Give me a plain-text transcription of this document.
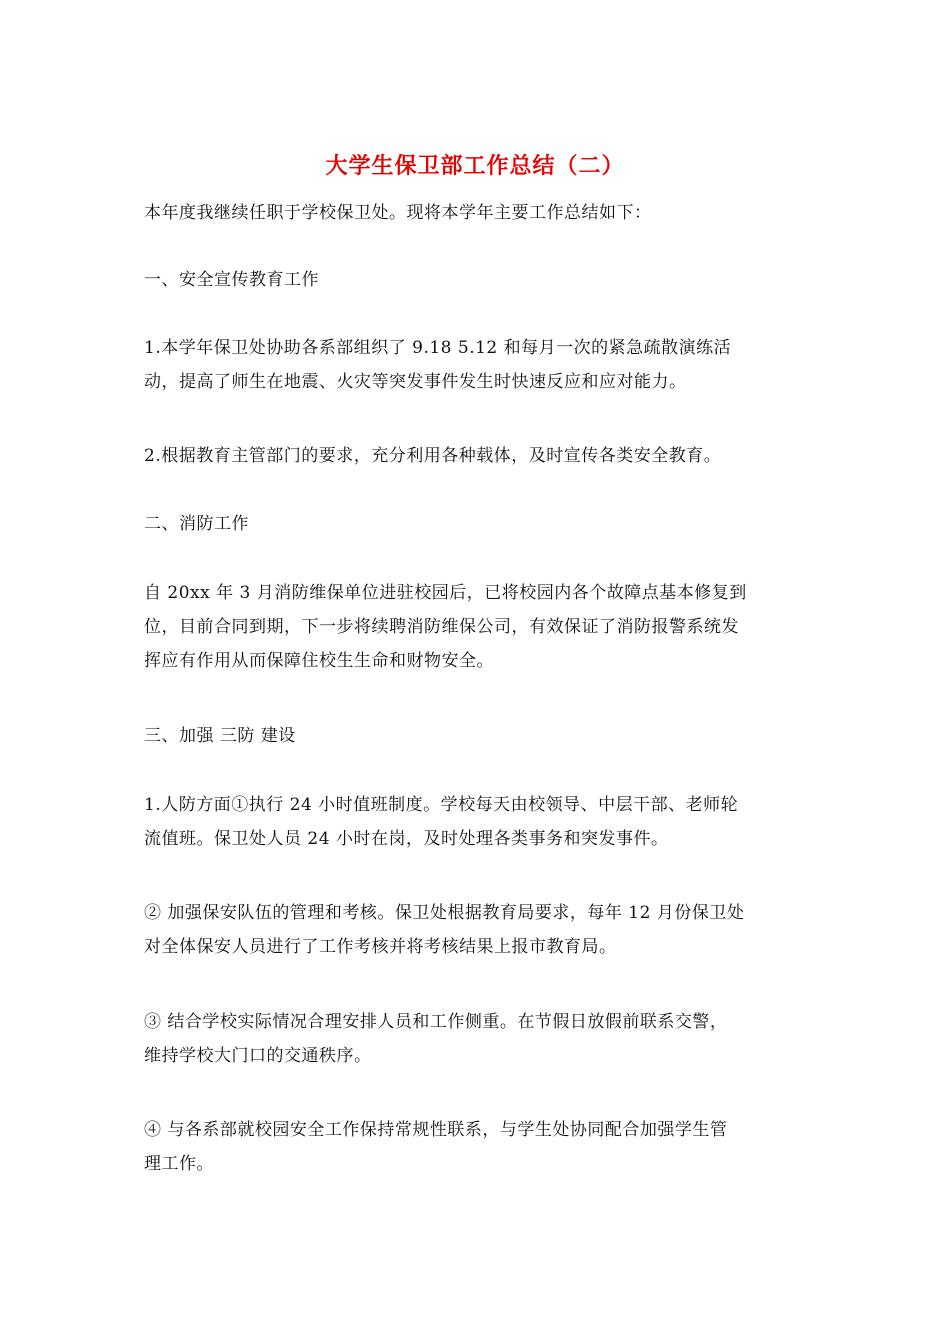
大学生保卫部工作总结（二）
本年度我继续任职于学校保卫处。现将本学年主要工作总结如下：
一、安全宣传教育工作
1.本学年保卫处协助各系部组织了 9.18 5.12 和每月一次的紧急疏散演练活
动，提高了师生在地震、火灾等突发事件发生时快速反应和应对能力。
2.根据教育主管部门的要求，充分利用各种载体，及时宣传各类安全教育。
二、消防工作
自 20xx 年 3 月消防维保单位进驻校园后，已将校园内各个故障点基本修复到
位，目前合同到期，下一步将续聘消防维保公司，有效保证了消防报警系统发
挥应有作用从而保障住校生生命和财物安全。
三、加强 三防 建设
1.人防方面①执行 24 小时值班制度。学校每天由校领导、中层干部、老师轮
流值班。保卫处人员 24 小时在岗，及时处理各类事务和突发事件。
② 加强保安队伍的管理和考核。保卫处根据教育局要求，每年 12 月份保卫处
对全体保安人员进行了工作考核并将考核结果上报市教育局。
③ 结合学校实际情况合理安排人员和工作侧重。在节假日放假前联系交警，
维持学校大门口的交通秩序。
④ 与各系部就校园安全工作保持常规性联系，与学生处协同配合加强学生管
理工作。
